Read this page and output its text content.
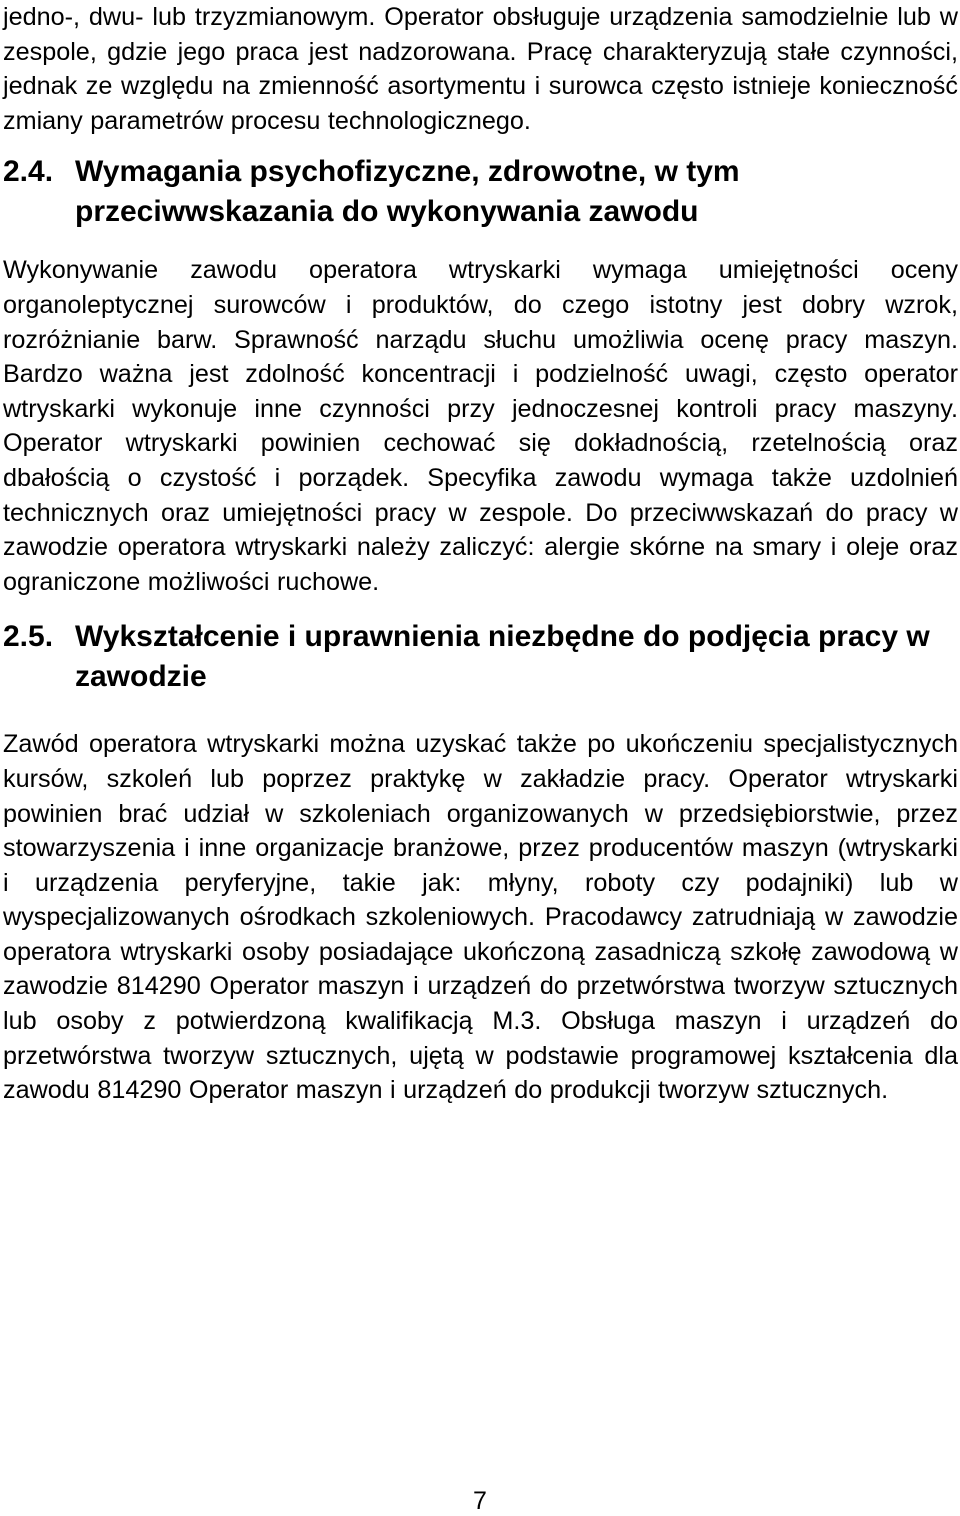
jedno-, dwu- lub trzyzmianowym. Operator obsługuje urządzenia samodzielnie lub w zespole, gdzie jego praca jest nadzorowana. Pracę charakteryzują stałe czynności, jednak ze względu na zmienność asortymentu i surowca często istnieje konieczność zmiany parametrów procesu technologicznego.

2.4. Wymagania psychofizyczne, zdrowotne, w tym przeciwwskazania do wykonywania zawodu

Wykonywanie zawodu operatora wtryskarki wymaga umiejętności oceny organoleptycznej surowców i produktów, do czego istotny jest dobry wzrok, rozróżnianie barw. Sprawność narządu słuchu umożliwia ocenę pracy maszyn. Bardzo ważna jest zdolność koncentracji i podzielność uwagi, często operator wtryskarki wykonuje inne czynności przy jednoczesnej kontroli pracy maszyny. Operator wtryskarki powinien cechować się dokładnością, rzetelnością oraz dbałością o czystość i porządek. Specyfika zawodu wymaga także uzdolnień technicznych oraz umiejętności pracy w zespole. Do przeciwwskazań do pracy w zawodzie operatora wtryskarki należy zaliczyć: alergie skórne na smary i oleje oraz ograniczone możliwości ruchowe.

2.5. Wykształcenie i uprawnienia niezbędne do podjęcia pracy w zawodzie

Zawód operatora wtryskarki można uzyskać także po ukończeniu specjalistycznych kursów, szkoleń lub poprzez praktykę w zakładzie pracy. Operator wtryskarki powinien brać udział w szkoleniach organizowanych w przedsiębiorstwie, przez stowarzyszenia i inne organizacje branżowe, przez producentów maszyn (wtryskarki i urządzenia peryferyjne, takie jak: młyny, roboty czy podajniki) lub w wyspecjalizowanych ośrodkach szkoleniowych. Pracodawcy zatrudniają w zawodzie operatora wtryskarki osoby posiadające ukończoną zasadniczą szkołę zawodową w zawodzie 814290 Operator maszyn i urządzeń do przetwórstwa tworzyw sztucznych lub osoby z potwierdzoną kwalifikacją M.3. Obsługa maszyn i urządzeń do przetwórstwa tworzyw sztucznych, ujętą w podstawie programowej kształcenia dla zawodu 814290 Operator maszyn i urządzeń do produkcji tworzyw sztucznych.

7
